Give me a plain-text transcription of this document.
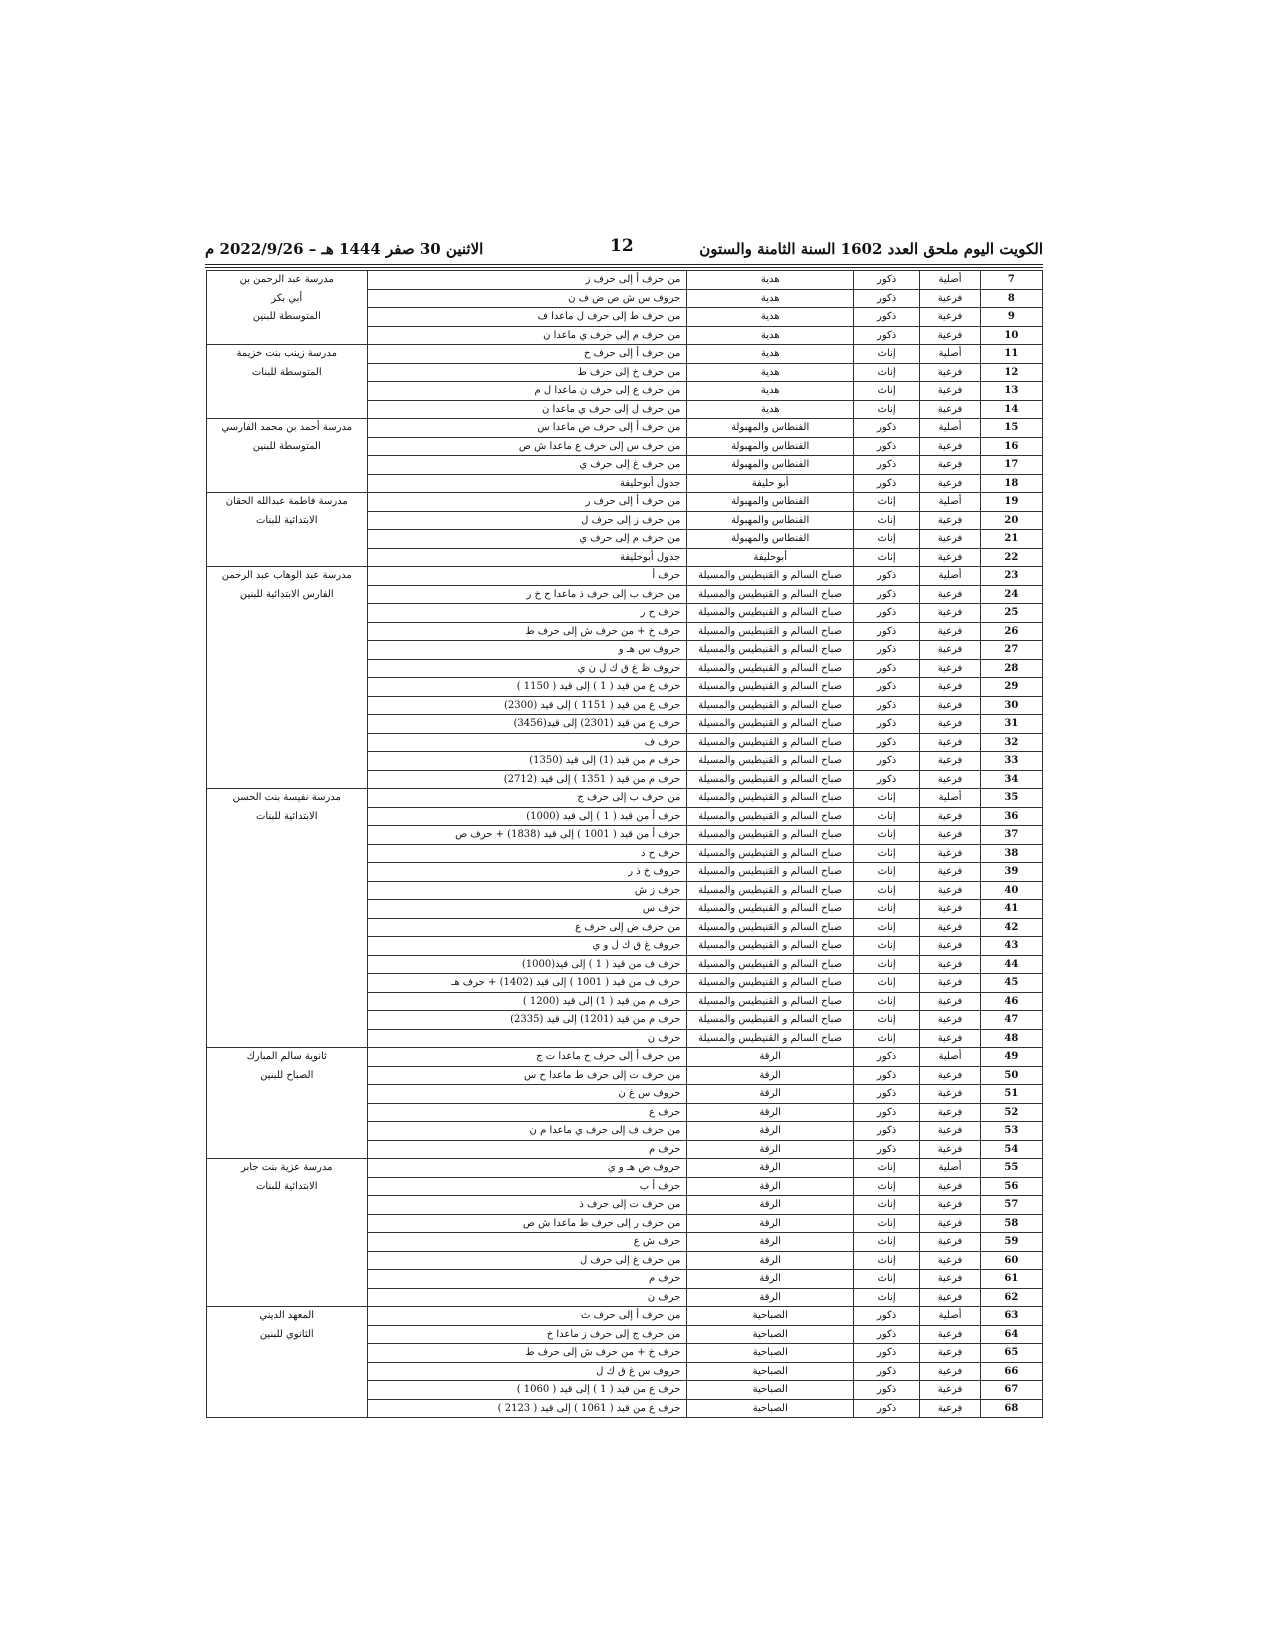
الكويت اليوم ملحق العدد 1602 السنة الثامنة والستون
12
الاثنين 30 صفر 1444 هـ – 2022/9/26 م
7	أصلية	ذكور	هدية	من حرف أ إلى حرف ز	مدرسة عبد الرحمن بن
8	فرعية	ذكور	هدية	حروف س ش ص ض ف ن	أبي بكر
9	فرعية	ذكور	هدية	من حرف ط إلى حرف ل ماعدا ف	المتوسطة للبنين
10	فرعية	ذكور	هدية	من حرف م إلى حرف ي ماعدا ن	
11	أصلية	إناث	هدية	من حرف أ إلى حرف ح	مدرسة زينب بنت خزيمة
12	فرعية	إناث	هدية	من حرف خ إلى حرف ط	المتوسطة للبنات
13	فرعية	إناث	هدية	من حرف ع إلى حرف ن ماعدا ل م	
14	فرعية	إناث	هدية	من حرف ل إلى حرف ي ماعدا ن	
15	أصلية	ذكور	الفنطاس والمهبولة	من حرف أ إلى حرف ص ماعدا س	مدرسة أحمد بن محمد الفارسي
16	فرعية	ذكور	الفنطاس والمهبولة	من حرف س إلى حرف ع ماعدا ش ص	المتوسطة للبنين
17	فرعية	ذكور	الفنطاس والمهبولة	من حرف غ إلى حرف ي	
18	فرعية	ذكور	أبو حليفة	جدول أبوحليفة	
19	أصلية	إناث	الفنطاس والمهبولة	من حرف أ إلى حرف ر	مدرسة فاطمة عبدالله الحقان
20	فرعية	إناث	الفنطاس والمهبولة	من حرف ز إلى حرف ل	الابتدائية للبنات
21	فرعية	إناث	الفنطاس والمهبولة	من حرف م إلى حرف ي	
22	فرعية	إناث	أبوحليفة	جدول أبوحليفة	
23	أصلية	ذكور	صباح السالم و القنيطيس والمسيلة	حرف أ	مدرسة عبد الوهاب عبد الرحمن
24	فرعية	ذكور	صباح السالم و القنيطيس والمسيلة	من حرف ب إلى حرف ذ ماعدا ح خ ر	الفارس الابتدائية للبنين
25	فرعية	ذكور	صباح السالم و القنيطيس والمسيلة	حرف ح ر	
26	فرعية	ذكور	صباح السالم و القنيطيس والمسيلة	حرف خ + من حرف ش إلى حرف ط	
27	فرعية	ذكور	صباح السالم و القنيطيس والمسيلة	حروف س هـ و	
28	فرعية	ذكور	صباح السالم و القنيطيس والمسيلة	حروف ظ غ ق ك ل ن ي	
29	فرعية	ذكور	صباح السالم و القنيطيس والمسيلة	حرف ع من قيد ( 1 ) إلى قيد ( 1150 )	
30	فرعية	ذكور	صباح السالم و القنيطيس والمسيلة	حرف ع من قيد ( 1151 ) إلى قيد (2300)	
31	فرعية	ذكور	صباح السالم و القنيطيس والمسيلة	حرف ع من قيد (2301) إلى قيد(3456)	
32	فرعية	ذكور	صباح السالم و القنيطيس والمسيلة	حرف ف	
33	فرعية	ذكور	صباح السالم و القنيطيس والمسيلة	حرف م من قيد (1) إلى قيد (1350)	
34	فرعية	ذكور	صباح السالم و القنيطيس والمسيلة	حرف م من قيد ( 1351 ) إلى قيد (2712)	
35	أصلية	إناث	صباح السالم و القنيطيس والمسيلة	من حرف ب إلى حرف ج	مدرسة نفيسة بنت الحسن
36	فرعية	إناث	صباح السالم و القنيطيس والمسيلة	حرف أ من قيد ( 1 ) إلى قيد (1000)	الابتدائية للبنات
37	فرعية	إناث	صباح السالم و القنيطيس والمسيلة	حرف أ من قيد ( 1001 ) إلى قيد (1838) + حرف ص	
38	فرعية	إناث	صباح السالم و القنيطيس والمسيلة	حرف ح د	
39	فرعية	إناث	صباح السالم و القنيطيس والمسيلة	حروف خ ذ ر	
40	فرعية	إناث	صباح السالم و القنيطيس والمسيلة	حرف ز ش	
41	فرعية	إناث	صباح السالم و القنيطيس والمسيلة	حرف س	
42	فرعية	إناث	صباح السالم و القنيطيس والمسيلة	من حرف ض إلى حرف ع	
43	فرعية	إناث	صباح السالم و القنيطيس والمسيلة	حروف غ ق ك ل و ي	
44	فرعية	إناث	صباح السالم و القنيطيس والمسيلة	حرف ف من قيد ( 1 ) إلى قيد(1000)	
45	فرعية	إناث	صباح السالم و القنيطيس والمسيلة	حرف ف من قيد ( 1001 ) إلى قيد (1402) + حرف هـ	
46	فرعية	إناث	صباح السالم و القنيطيس والمسيلة	حرف م من قيد ( 1) إلى قيد (1200 )	
47	فرعية	إناث	صباح السالم و القنيطيس والمسيلة	حرف م من قيد (1201) إلى قيد (2335)	
48	فرعية	إناث	صباح السالم و القنيطيس والمسيلة	حرف ن	
49	أصلية	ذكور	الرقة	من حرف أ إلى حرف ح ماعدا ت ج	ثانوية سالم المبارك
50	فرعية	ذكور	الرقة	من حرف ت إلى حرف ط ماعدا ح س	الصباح للبنين
51	فرعية	ذكور	الرقة	حروف س غ ن	
52	فرعية	ذكور	الرقة	حرف ع	
53	فرعية	ذكور	الرقة	من حرف ف إلى حرف ي ماعدا م ن	
54	فرعية	ذكور	الرقة	حرف م	
55	أصلية	إناث	الرقة	حروف ص هـ و ي	مدرسة عزية بنت جابر
56	فرعية	إناث	الرقة	حرف أ ب	الابتدائية للبنات
57	فرعية	إناث	الرقة	من حرف ت إلى حرف ذ	
58	فرعية	إناث	الرقة	من حرف ر إلى حرف ط ماعدا ش ص	
59	فرعية	إناث	الرقة	حرف ش ع	
60	فرعية	إناث	الرقة	من حرف غ إلى حرف ل	
61	فرعية	إناث	الرقة	حرف م	
62	فرعية	إناث	الرقة	حرف ن	
63	أصلية	ذكور	الصباحية	من حرف أ إلى حرف ث	المعهد الديني
64	فرعية	ذكور	الصباحية	من حرف ج إلى حرف ز ماعدا خ	الثانوي للبنين
65	فرعية	ذكور	الصباحية	حرف خ + من حرف ش إلى حرف ط	
66	فرعية	ذكور	الصباحية	حروف س غ ق ك ل	
67	فرعية	ذكور	الصباحية	حرف ع من قيد ( 1 ) إلى قيد ( 1060 )	
68	فرعية	ذكور	الصباحية	حرف ع من قيد ( 1061 ) إلى قيد ( 2123 )	
